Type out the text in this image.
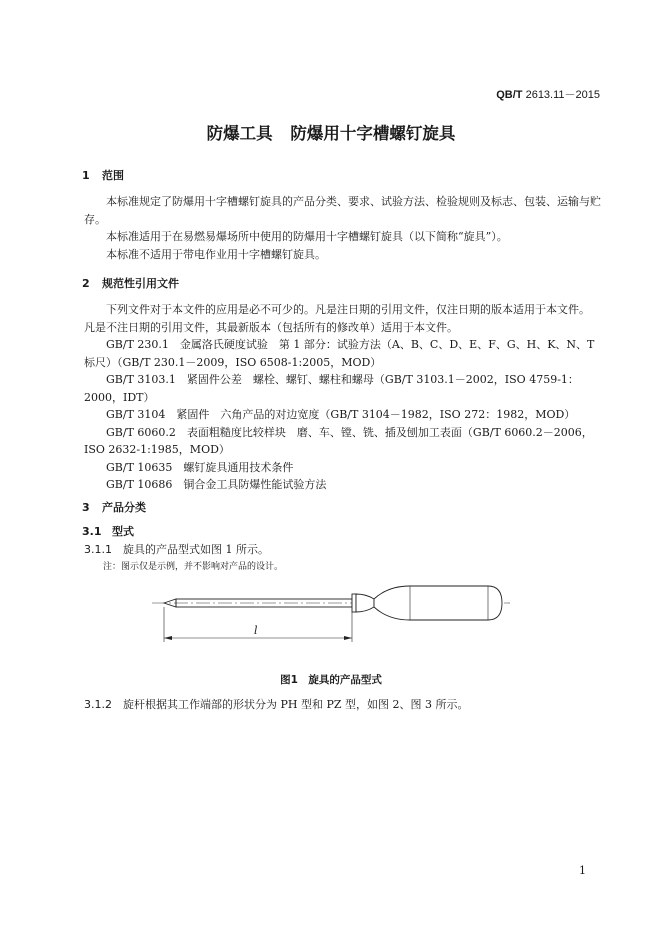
QB/T 2613.11－2015
防爆工具 防爆用十字槽螺钉旋具
1 范围

本标准规定了防爆用十字槽螺钉旋具的产品分类、要求、试验方法、检验规则及标志、包装、运输与贮存。

本标准适用于在易燃易爆场所中使用的防爆用十字槽螺钉旋具（以下简称“旋具”）。

本标准不适用于带电作业用十字槽螺钉旋具。

2 规范性引用文件

下列文件对于本文件的应用是必不可少的。凡是注日期的引用文件，仅注日期的版本适用于本文件。

凡是不注日期的引用文件，其最新版本（包括所有的修改单）适用于本文件。

GB/T 230.1　 金属洛氏硬度试验　第 1 部分：试验方法（A、B、C、D、E、F、G、H、K、N、T标尺）（GB/T 230.1－2009，ISO 6508-1:2005，MOD）

GB/T 3103.1　 紧固件公差　螺栓、螺钉、螺柱和螺母（GB/T 3103.1－2002，ISO 4759-1：2000，IDT）

GB/T 3104　 紧固件　六角产品的对边宽度（GB/T 3104－1982，ISO 272：1982，MOD）

GB/T 6060.2　 表面粗糙度比较样块　磨、车、镗、铣、插及刨加工表面（GB/T 6060.2－2006，ISO 2632-1:1985，MOD）

GB/T 10635　 螺钉旋具通用技术条件

GB/T 10686　 铜合金工具防爆性能试验方法

3 产品分类
3.1 型式

3.1.1　 旋具的产品型式如图 1 所示。

注：图示仅是示例，并不影响对产品的设计。
l
图1　旋具的产品型式

3.1.2　 旋杆根据其工作端部的形状分为 PH 型和 PZ 型，如图 2、图 3 所示。

1
